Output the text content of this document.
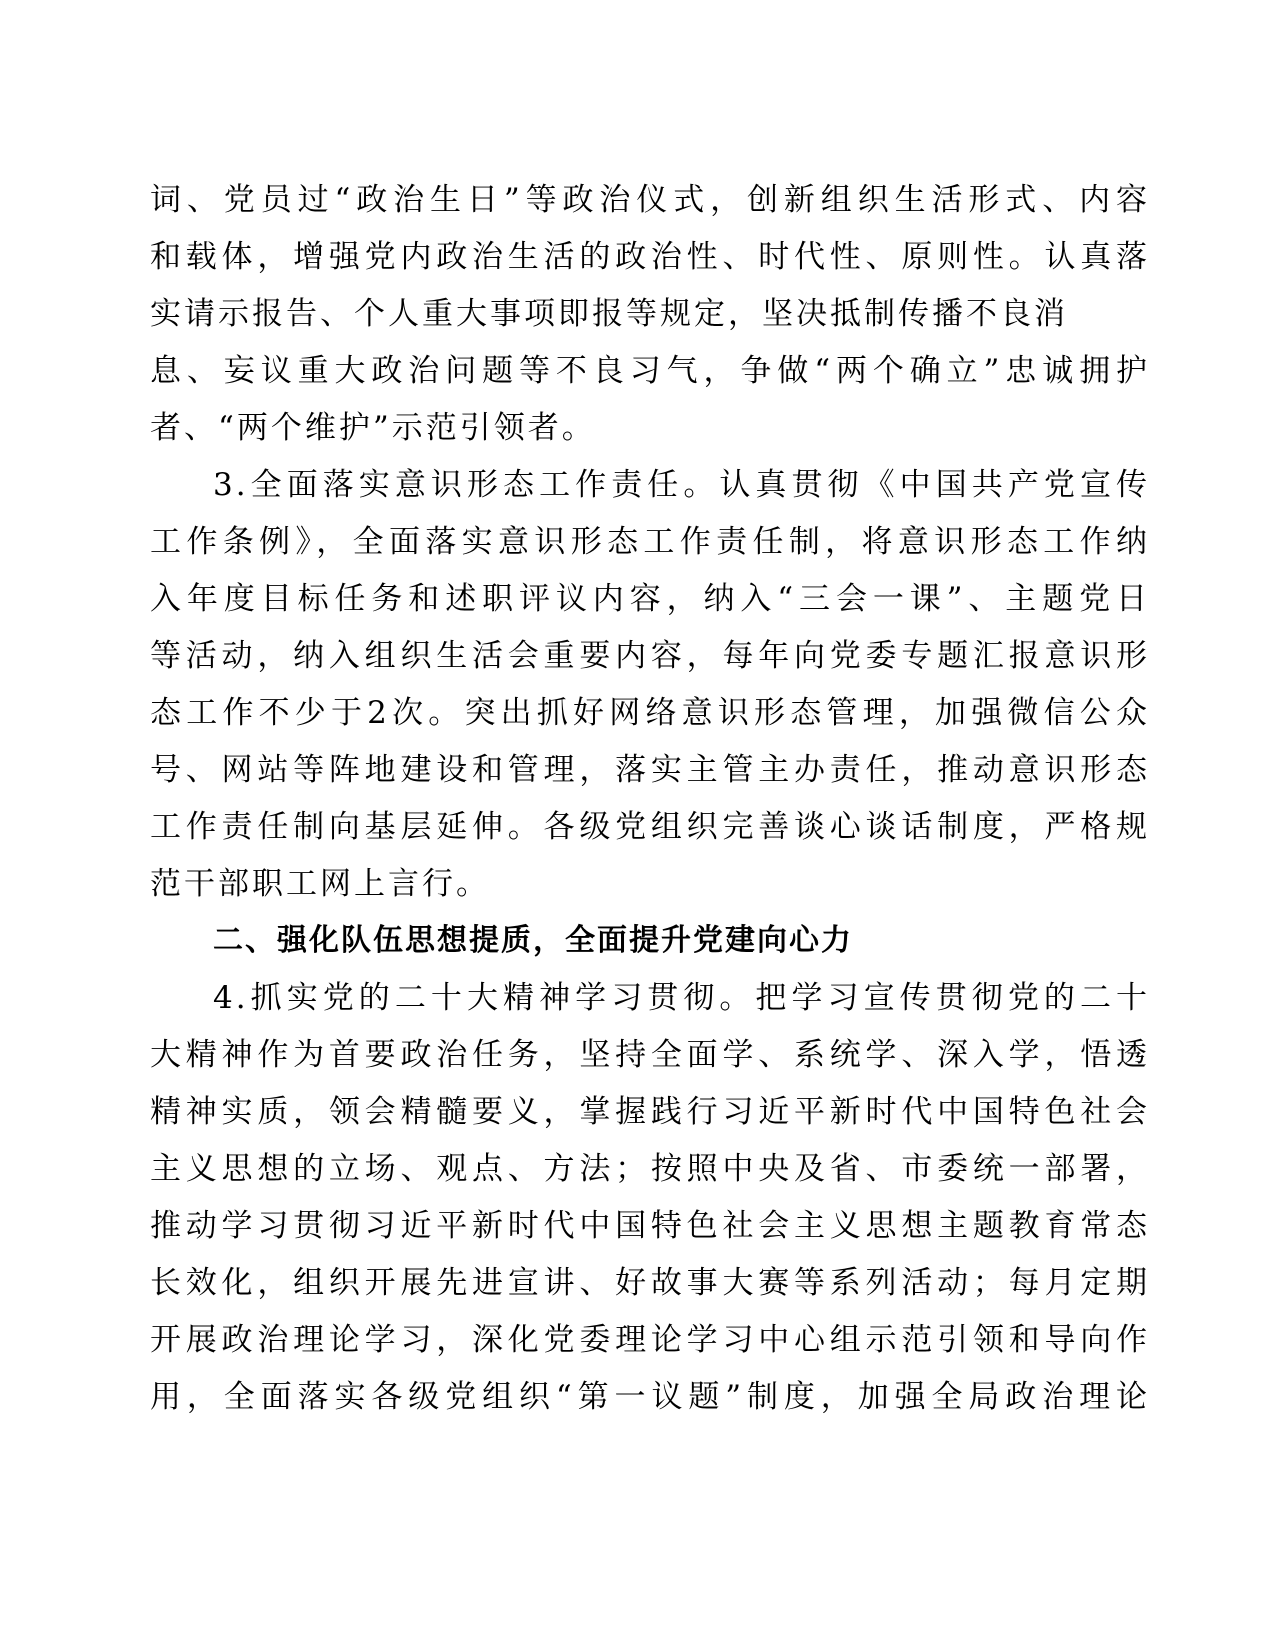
词、党员过“政治生日”等政治仪式，创新组织生活形式、内容
和载体，增强党内政治生活的政治性、时代性、原则性。认真落
实请示报告、个人重大事项即报等规定，坚决抵制传播不良消
息、妄议重大政治问题等不良习气，争做“两个确立”忠诚拥护
者、“两个维护”示范引领者。
3.全面落实意识形态工作责任。认真贯彻《中国共产党宣传
工作条例》，全面落实意识形态工作责任制，将意识形态工作纳
入年度目标任务和述职评议内容，纳入“三会一课”、主题党日
等活动，纳入组织生活会重要内容，每年向党委专题汇报意识形
态工作不少于2次。突出抓好网络意识形态管理，加强微信公众
号、网站等阵地建设和管理，落实主管主办责任，推动意识形态
工作责任制向基层延伸。各级党组织完善谈心谈话制度，严格规
范干部职工网上言行。
二、强化队伍思想提质，全面提升党建向心力
4.抓实党的二十大精神学习贯彻。把学习宣传贯彻党的二十
大精神作为首要政治任务，坚持全面学、系统学、深入学，悟透
精神实质，领会精髓要义，掌握践行习近平新时代中国特色社会
主义思想的立场、观点、方法；按照中央及省、市委统一部署，
推动学习贯彻习近平新时代中国特色社会主义思想主题教育常态
长效化，组织开展先进宣讲、好故事大赛等系列活动；每月定期
开展政治理论学习，深化党委理论学习中心组示范引领和导向作
用，全面落实各级党组织“第一议题”制度，加强全局政治理论
